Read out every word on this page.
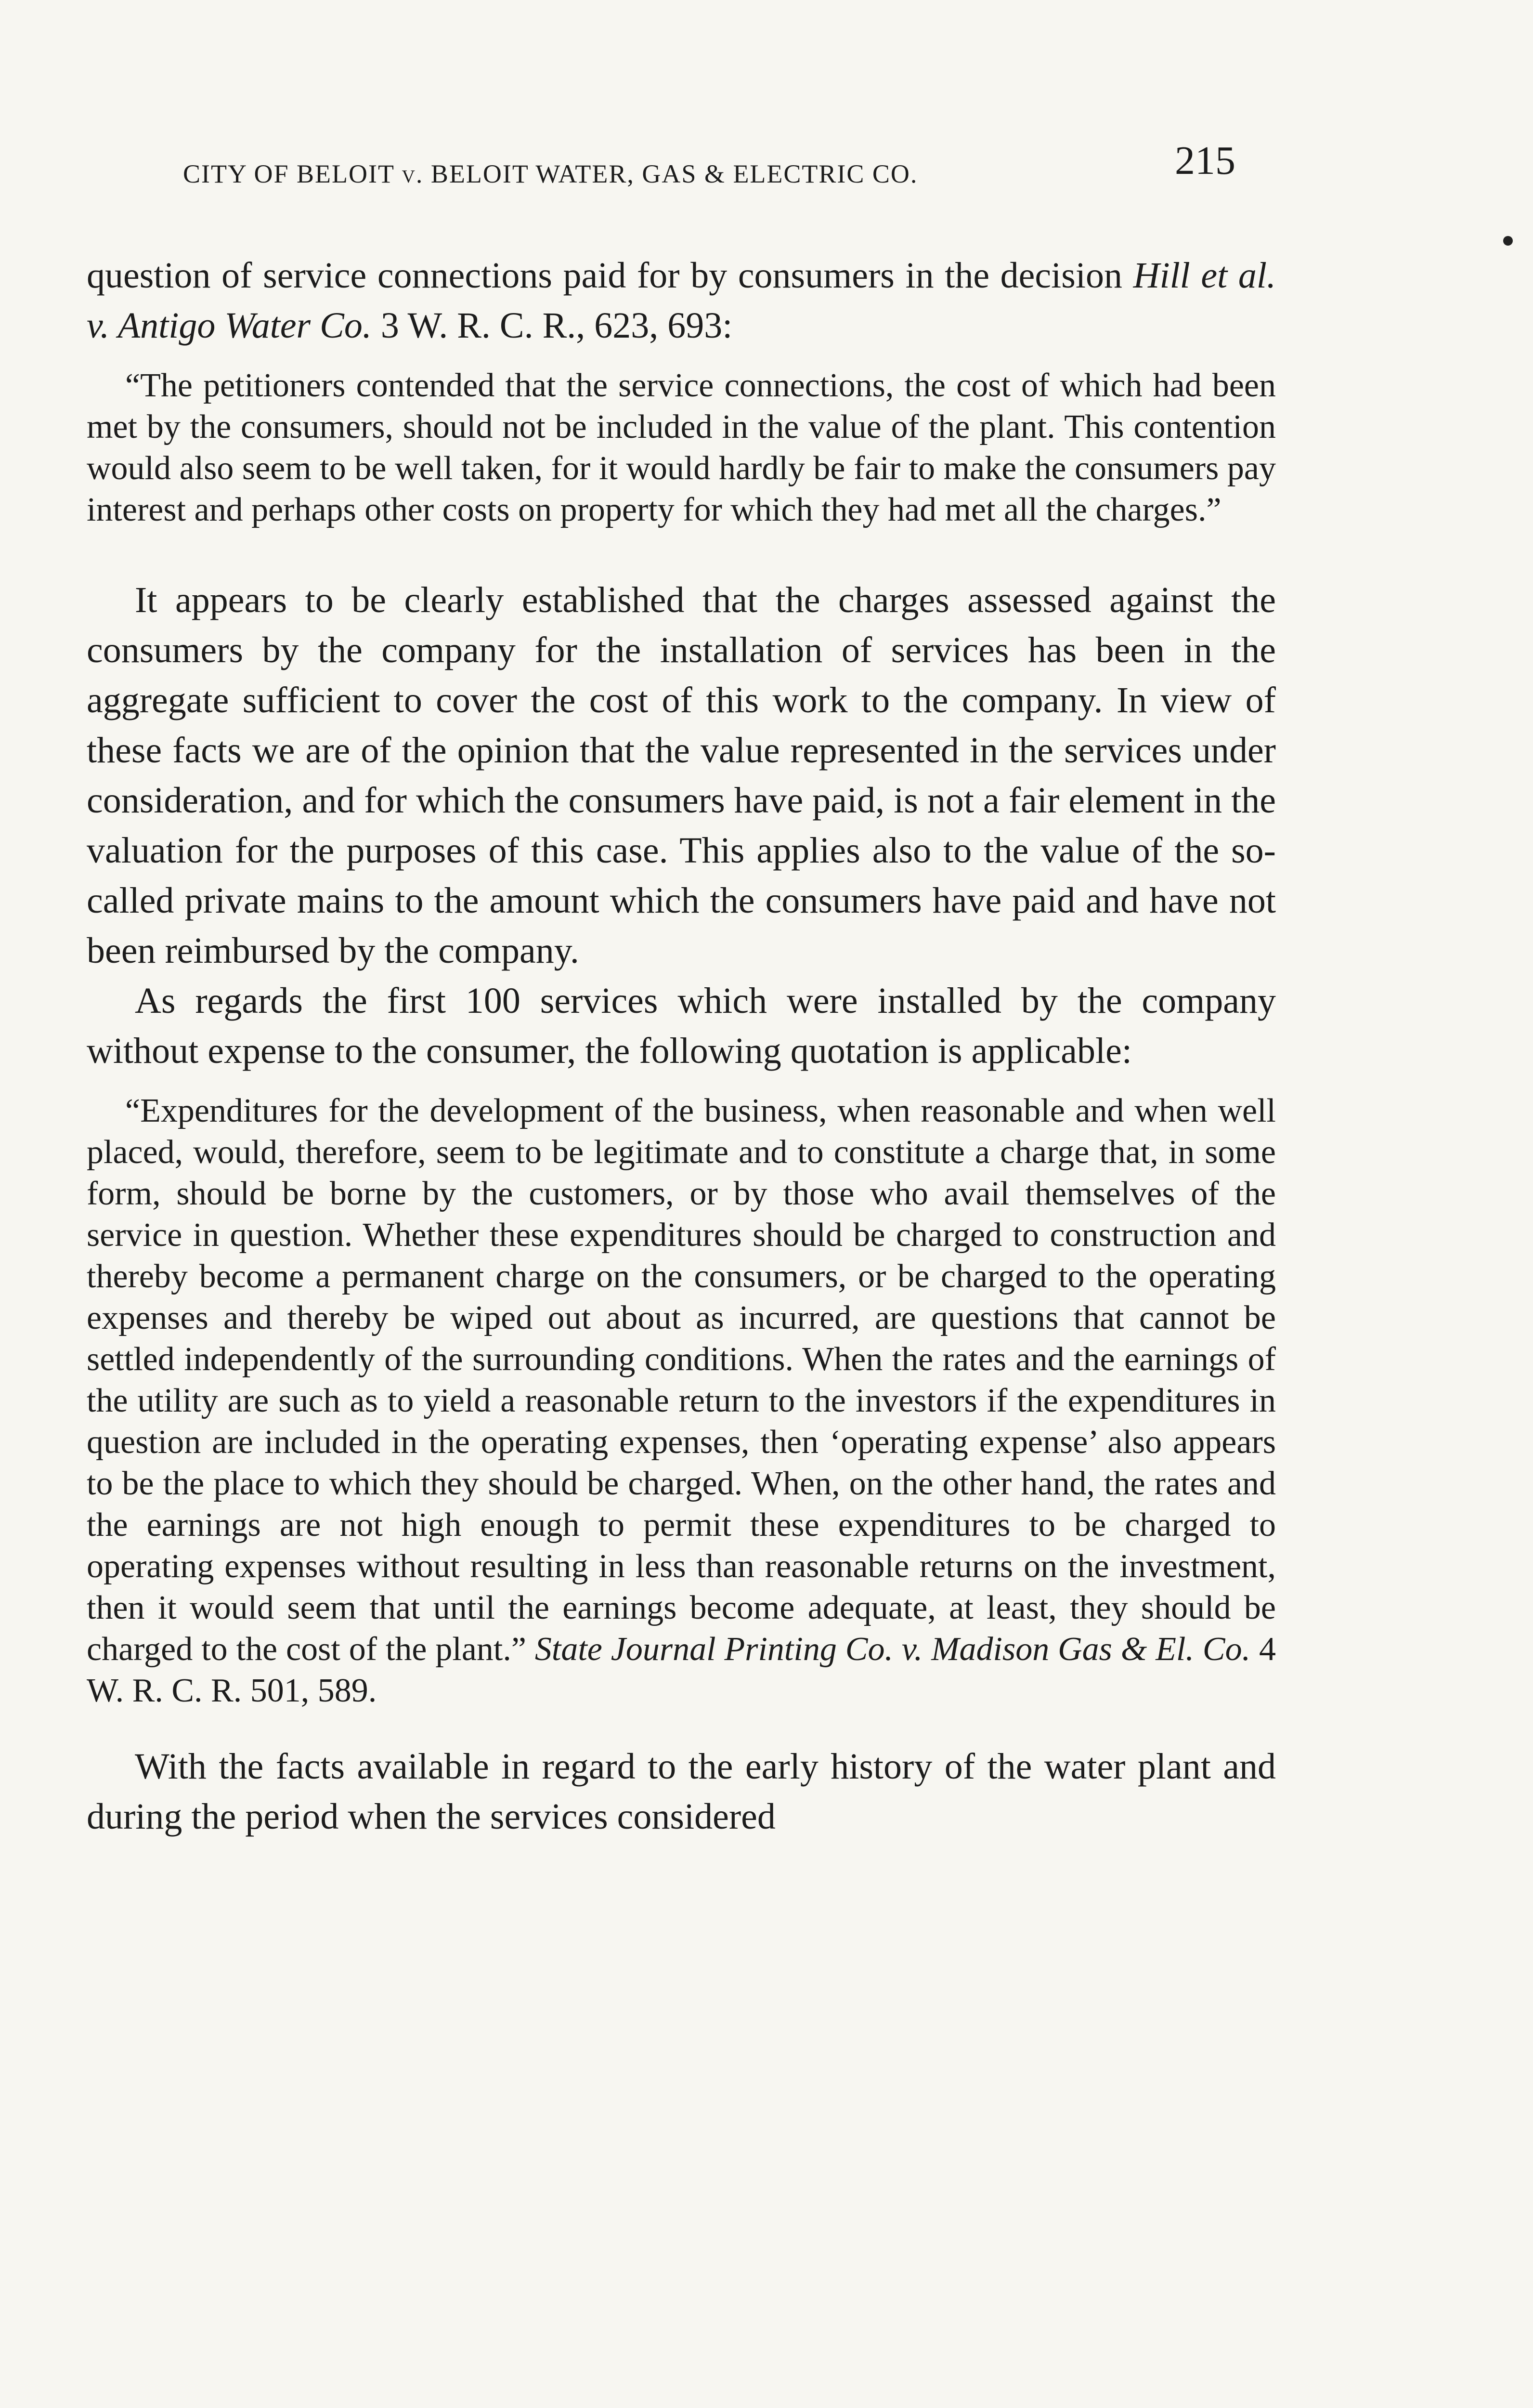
CITY OF BELOIT v. BELOIT WATER, GAS & ELECTRIC CO.	215

question of service connections paid for by consumers in the decision Hill et al. v. Antigo Water Co. 3 W. R. C. R., 623, 693:

“The petitioners contended that the service connections, the cost of which had been met by the consumers, should not be included in the value of the plant. This contention would also seem to be well taken, for it would hardly be fair to make the consumers pay interest and perhaps other costs on property for which they had met all the charges.”

It appears to be clearly established that the charges assessed against the consumers by the company for the installation of services has been in the aggregate sufficient to cover the cost of this work to the company. In view of these facts we are of the opinion that the value represented in the services under consideration, and for which the consumers have paid, is not a fair element in the valuation for the purposes of this case. This applies also to the value of the so-called private mains to the amount which the consumers have paid and have not been reimbursed by the company.

As regards the first 100 services which were installed by the company without expense to the consumer, the following quotation is applicable:

“Expenditures for the development of the business, when reasonable and when well placed, would, therefore, seem to be legitimate and to constitute a charge that, in some form, should be borne by the customers, or by those who avail themselves of the service in question. Whether these expenditures should be charged to construction and thereby become a permanent charge on the consumers, or be charged to the operating expenses and thereby be wiped out about as incurred, are questions that cannot be settled independently of the surrounding conditions. When the rates and the earnings of the utility are such as to yield a reasonable return to the investors if the expenditures in question are included in the operating expenses, then ‘operating expense’ also appears to be the place to which they should be charged. When, on the other hand, the rates and the earnings are not high enough to permit these expenditures to be charged to operating expenses without resulting in less than reasonable returns on the investment, then it would seem that until the earnings become adequate, at least, they should be charged to the cost of the plant.” State Journal Printing Co. v. Madison Gas & El. Co. 4 W. R. C. R. 501, 589.

With the facts available in regard to the early history of the water plant and during the period when the services considered
